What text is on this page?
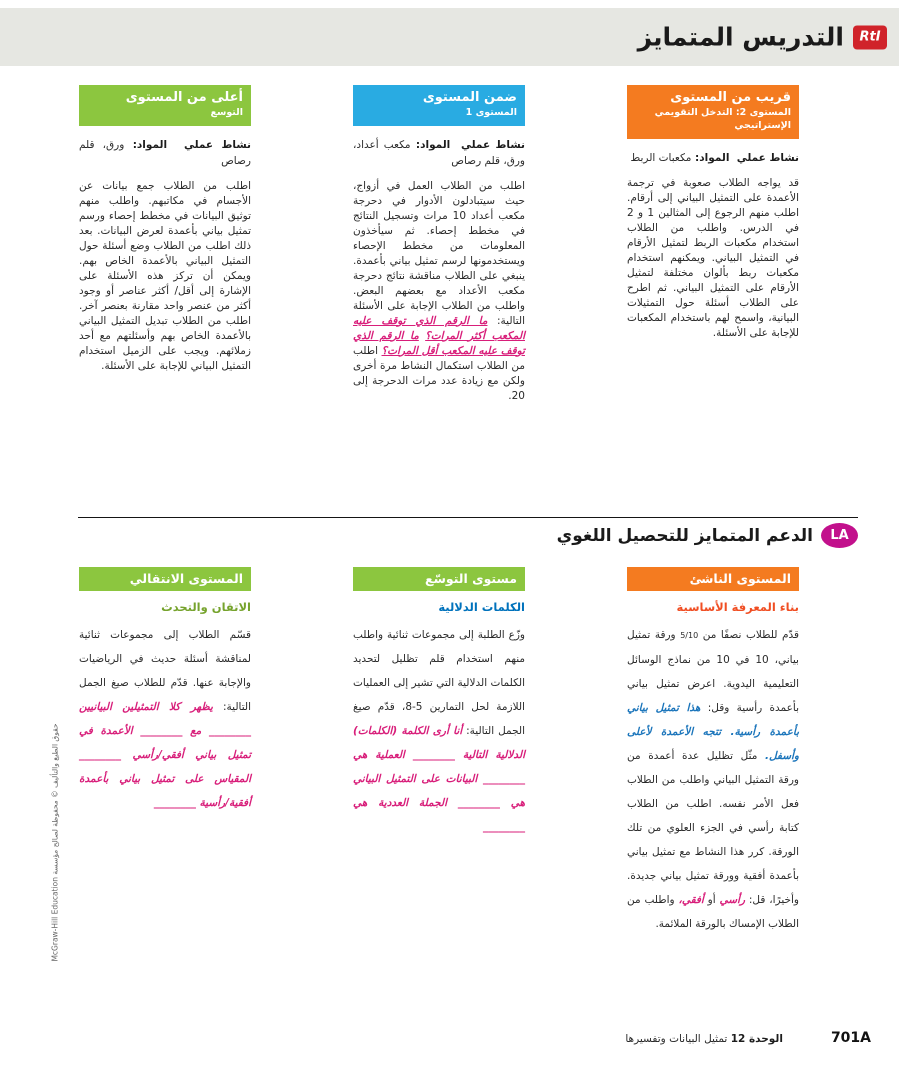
RtI
التدريس المتمايز
قريب من المستوى
المستوى 2: التدخل التقويمي الإستراتيجي

نشاط عملي  المواد: مكعبات الربط

قد يواجه الطلاب صعوبة في ترجمة الأعمدة على التمثيل البياني إلى أرقام. اطلب منهم الرجوع إلى المثالين 1 و 2 في الدرس. واطلب من الطلاب استخدام مكعبات الربط لتمثيل الأرقام في التمثيل البياني. ويمكنهم استخدام مكعبات ربط بألوان مختلفة لتمثيل الأرقام على التمثيل البياني. ثم اطرح على الطلاب أسئلة حول التمثيلات البيانية، واسمح لهم باستخدام المكعبات للإجابة على الأسئلة.

ضمن المستوى
المستوى 1

نشاط عملي  المواد: مكعب أعداد، ورق، قلم رصاص

اطلب من الطلاب العمل في أزواج، حيث سيتبادلون الأدوار في دحرجة مكعب أعداد 10 مرات وتسجيل النتائج في مخطط إحصاء. ثم سيأخذون المعلومات من مخطط الإحصاء ويستخدمونها لرسم تمثيل بياني بأعمدة. ينبغي على الطلاب مناقشة نتائج دحرجة مكعب الأعداد مع بعضهم البعض. واطلب من الطلاب الإجابة على الأسئلة التالية: ما الرقم الذي توقف عليه المكعب أكثر المرات؟ ما الرقم الذي توقف عليه المكعب أقل المرات؟ اطلب من الطلاب استكمال النشاط مرة أخرى ولكن مع زيادة عدد مرات الدحرجة إلى 20.

أعلى من المستوى
التوسع

نشاط عملي  المواد: ورق، قلم رصاص

اطلب من الطلاب جمع بيانات عن الأجسام في مكاتبهم. واطلب منهم توثيق البيانات في مخطط إحصاء ورسم تمثيل بياني بأعمدة لعرض البيانات. بعد ذلك اطلب من الطلاب وضع أسئلة حول التمثيل البياني بالأعمدة الخاص بهم. ويمكن أن تركز هذه الأسئلة على الإشارة إلى أقل/ أكثر عناصر أو وجود أكثر من عنصر واحد مقارنة بعنصر آخر. اطلب من الطلاب تبديل التمثيل البياني بالأعمدة الخاص بهم وأسئلتهم مع أحد زملائهم. ويجب على الزميل استخدام التمثيل البياني للإجابة على الأسئلة.

LA
الدعم المتمايز للتحصيل اللغوي
المستوى الناشئ
بناء المعرفة الأساسية

قدّم للطلاب نصفًا من 5/10 ورقة تمثيل بياني، 10 في 10 من نماذج الوسائل التعليمية اليدوية. اعرض تمثيل بياني بأعمدة رأسية وقل: هذا تمثيل بياني بأعمدة رأسية. تتجه الأعمدة لأعلى وأسفل. مثّل تظليل عدة أعمدة من ورقة التمثيل البياني واطلب من الطلاب فعل الأمر نفسه. اطلب من الطلاب كتابة رأسي في الجزء العلوي من تلك الورقة. كرر هذا النشاط مع تمثيل بياني بأعمدة أفقية وورقة تمثيل بياني جديدة. وأخيرًا، قل: رأسي أو أفقي، واطلب من الطلاب الإمساك بالورقة الملائمة.

مستوى التوسّع
الكلمات الدلالية

وزّع الطلبة إلى مجموعات ثنائية واطلب منهم استخدام قلم تظليل لتحديد الكلمات الدلالية التي تشير إلى العمليات اللازمة لحل التمارين 5-8، قدّم صيغ الجمل التالية: أنا أرى الكلمة (الكلمات) الدلالية التالية ________ العملية هي ________ البيانات على التمثيل البياني هي ________ الجملة العددية هي ________

المستوى الانتقالي
الاتقان والتحدث

قسّم الطلاب إلى مجموعات ثنائية لمناقشة أسئلة حديث في الرياضيات والإجابة عنها. قدّم للطلاب صيغ الجمل التالية: يظهر كلا التمثيلين البيانيين ________ مع ________ الأعمدة في تمثيل بياني أفقي/رأسي ________ المقياس على تمثيل بياني بأعمدة أفقية/رأسية ________

حقوق الطبع والتأليف © محفوظة لصالح مؤسسة McGraw-Hill Education
701A
الوحدة 12 تمثيل البيانات وتفسيرها
